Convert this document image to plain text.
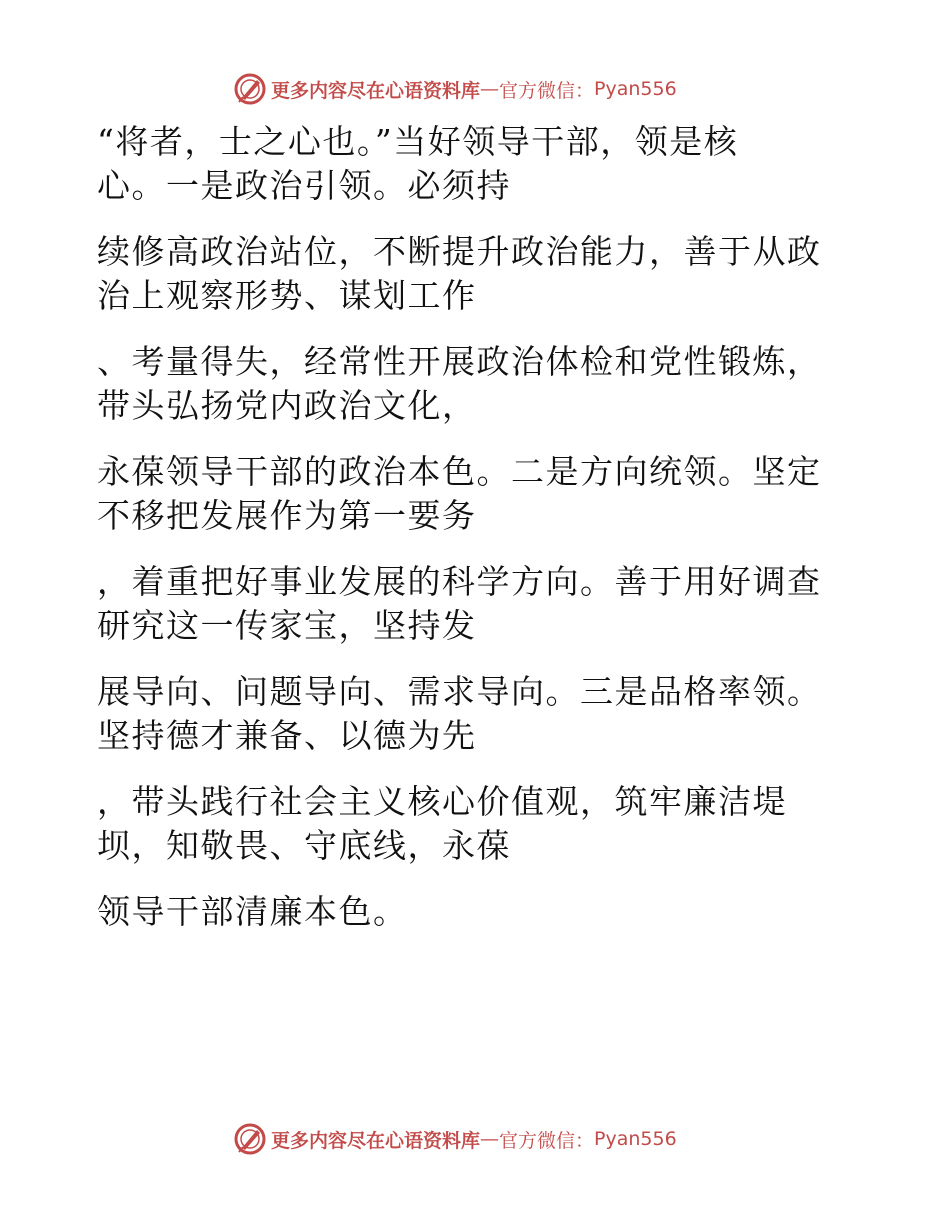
更多内容尽在心语资料库 — 官方微信： Pyan556
“将者，士之心也。”当好领导干部，领是核
心。一是政治引领。必须持
续修高政治站位，不断提升政治能力，善于从政
治上观察形势、谋划工作
、考量得失，经常性开展政治体检和党性锻炼，
带头弘扬党内政治文化，
永葆领导干部的政治本色。二是方向统领。坚定
不移把发展作为第一要务
，着重把好事业发展的科学方向。善于用好调查
研究这一传家宝，坚持发
展导向、问题导向、需求导向。三是品格率领。
坚持德才兼备、以德为先
，带头践行社会主义核心价值观，筑牢廉洁堤
坝，知敬畏、守底线，永葆
领导干部清廉本色。
更多内容尽在心语资料库 — 官方微信： Pyan556
